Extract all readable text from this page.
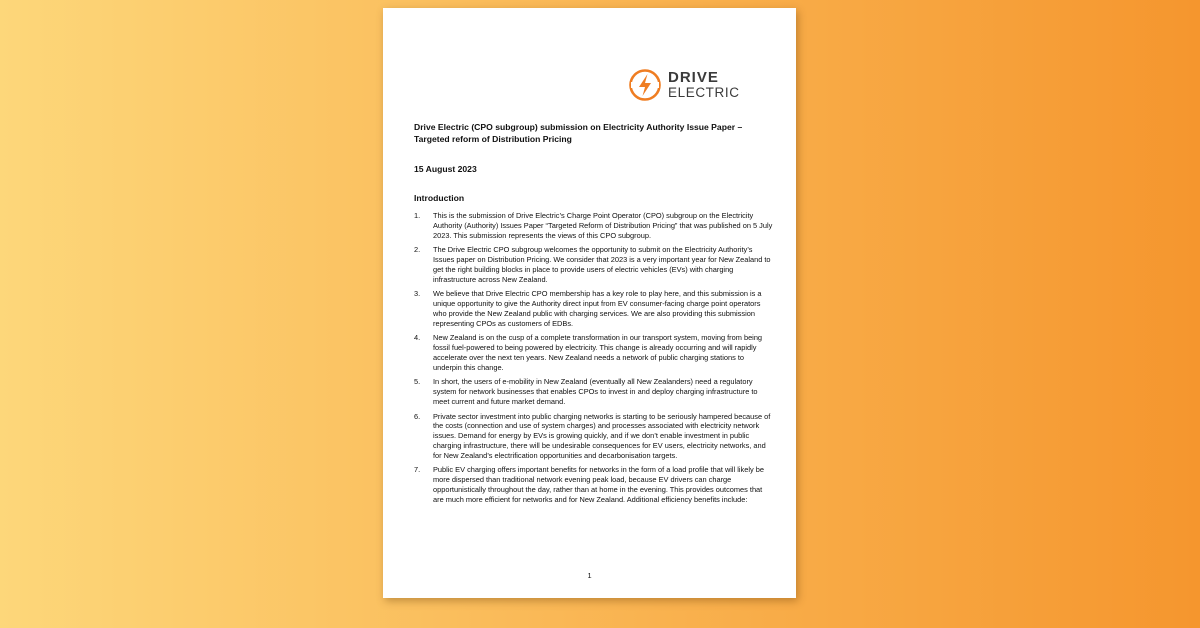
DRIVE
ELECTRIC
Drive Electric (CPO subgroup) submission on Electricity Authority Issue Paper – Targeted reform of Distribution Pricing
15 August 2023
Introduction
1.	This is the submission of Drive Electric’s Charge Point Operator (CPO) subgroup on the Electricity Authority (Authority) Issues Paper “Targeted Reform of Distribution Pricing” that was published on 5 July 2023. This submission represents the views of this CPO subgroup.
2.	The Drive Electric CPO subgroup welcomes the opportunity to submit on the Electricity Authority’s Issues paper on Distribution Pricing. We consider that 2023 is a very important year for New Zealand to get the right building blocks in place to provide users of electric vehicles (EVs) with charging infrastructure across New Zealand.
3.	We believe that Drive Electric CPO membership has a key role to play here, and this submission is a unique opportunity to give the Authority direct input from EV consumer-facing charge point operators who provide the New Zealand public with charging services. We are also providing this submission representing CPOs as customers of EDBs.
4.	New Zealand is on the cusp of a complete transformation in our transport system, moving from being fossil fuel-powered to being powered by electricity. This change is already occurring and will rapidly accelerate over the next ten years. New Zealand needs a network of public charging stations to underpin this change.
5.	In short, the users of e-mobility in New Zealand (eventually all New Zealanders) need a regulatory system for network businesses that enables CPOs to invest in and deploy charging infrastructure to meet current and future market demand.
6.	Private sector investment into public charging networks is starting to be seriously hampered because of the costs (connection and use of system charges) and processes associated with electricity network issues. Demand for energy by EVs is growing quickly, and if we don’t enable investment in public charging infrastructure, there will be undesirable consequences for EV users, electricity networks, and for New Zealand’s electrification opportunities and decarbonisation targets.
7.	Public EV charging offers important benefits for networks in the form of a load profile that will likely be more dispersed than traditional network evening peak load, because EV drivers can charge opportunistically throughout the day, rather than at home in the evening. This provides outcomes that are much more efficient for networks and for New Zealand. Additional efficiency benefits include:
1
